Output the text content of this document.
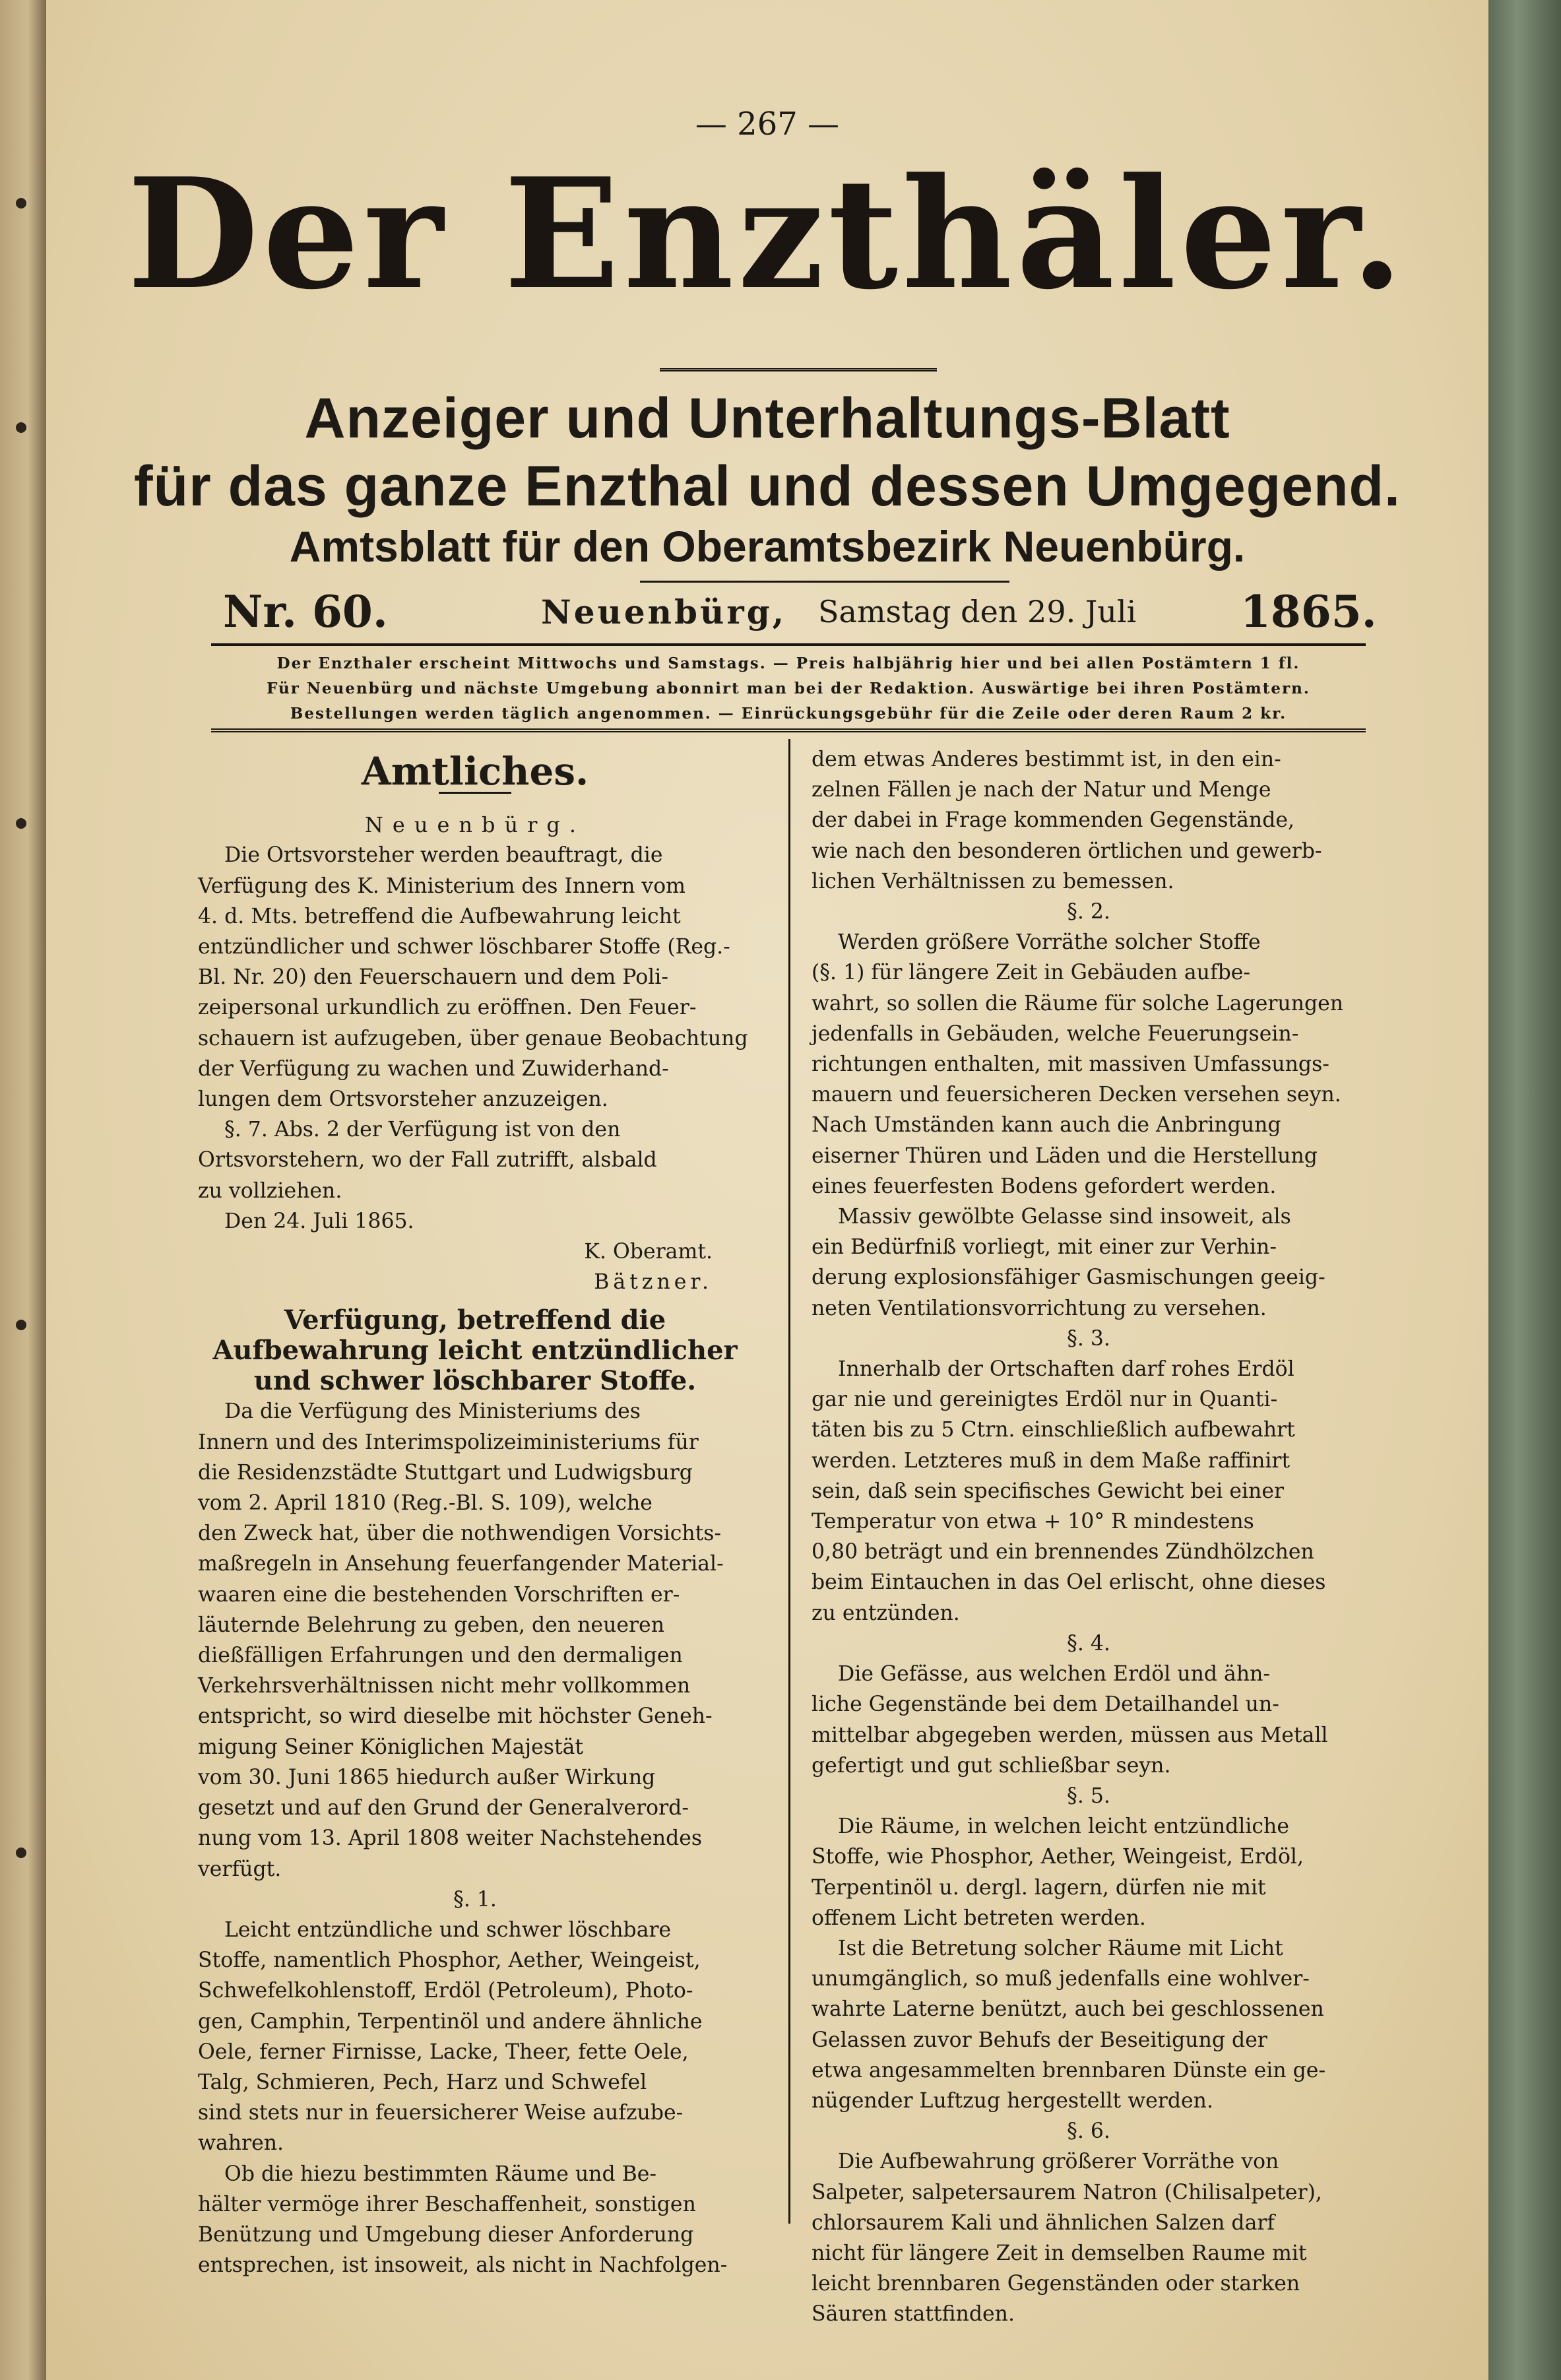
— 267 —
Der Enzthäler.
Anzeiger und Unterhaltungs-Blatt
für das ganze Enzthal und dessen Umgegend.
Amtsblatt für den Oberamtsbezirk Neuenbürg.
Nr. 60.	Neuenbürg, Samstag den 29. Juli 1865.
Der Enzthaler erscheint Mittwochs und Samstags. — Preis halbjährig hier und bei allen Postämtern 1 fl.
Für Neuenbürg und nächste Umgebung abonnirt man bei der Redaktion. Auswärtige bei ihren Postämtern.
Bestellungen werden täglich angenommen. — Einrückungsgebühr für die Zeile oder deren Raum 2 kr.
Amtliches.

Neuenbürg.

Die Ortsvorsteher werden beauftragt, die

Verfügung des K. Ministerium des Innern vom

4. d. Mts. betreffend die Aufbewahrung leicht

entzündlicher und schwer löschbarer Stoffe (Reg.-

Bl. Nr. 20) den Feuerschauern und dem Poli-

zeipersonal urkundlich zu eröffnen. Den Feuer-

schauern ist aufzugeben, über genaue Beobachtung

der Verfügung zu wachen und Zuwiderhand-

lungen dem Ortsvorsteher anzuzeigen.

§. 7. Abs. 2 der Verfügung ist von den

Ortsvorstehern, wo der Fall zutrifft, alsbald

zu vollziehen.

Den 24. Juli 1865.

K. Oberamt.

Bätzner.

Verfügung, betreffend die Aufbewahrung leicht entzündlicher und schwer löschbarer Stoffe.

Da die Verfügung des Ministeriums des

Innern und des Interimspolizeiministeriums für

die Residenzstädte Stuttgart und Ludwigsburg

vom 2. April 1810 (Reg.-Bl. S. 109), welche

den Zweck hat, über die nothwendigen Vorsichts-

maßregeln in Ansehung feuerfangender Material-

waaren eine die bestehenden Vorschriften er-

läuternde Belehrung zu geben, den neueren

dießfälligen Erfahrungen und den dermaligen

Verkehrsverhältnissen nicht mehr vollkommen

entspricht, so wird dieselbe mit höchster Geneh-

migung Seiner Königlichen Majestät

vom 30. Juni 1865 hiedurch außer Wirkung

gesetzt und auf den Grund der Generalverord-

nung vom 13. April 1808 weiter Nachstehendes

verfügt.

§. 1.

Leicht entzündliche und schwer löschbare

Stoffe, namentlich Phosphor, Aether, Weingeist,

Schwefelkohlenstoff, Erdöl (Petroleum), Photo-

gen, Camphin, Terpentinöl und andere ähnliche

Oele, ferner Firnisse, Lacke, Theer, fette Oele,

Talg, Schmieren, Pech, Harz und Schwefel

sind stets nur in feuersicherer Weise aufzube-

wahren.

Ob die hiezu bestimmten Räume und Be-

hälter vermöge ihrer Beschaffenheit, sonstigen

Benützung und Umgebung dieser Anforderung

entsprechen, ist insoweit, als nicht in Nachfolgen-

dem etwas Anderes bestimmt ist, in den ein-

zelnen Fällen je nach der Natur und Menge

der dabei in Frage kommenden Gegenstände,

wie nach den besonderen örtlichen und gewerb-

lichen Verhältnissen zu bemessen.

§. 2.

Werden größere Vorräthe solcher Stoffe

(§. 1) für längere Zeit in Gebäuden aufbe-

wahrt, so sollen die Räume für solche Lagerungen

jedenfalls in Gebäuden, welche Feuerungsein-

richtungen enthalten, mit massiven Umfassungs-

mauern und feuersicheren Decken versehen seyn.

Nach Umständen kann auch die Anbringung

eiserner Thüren und Läden und die Herstellung

eines feuerfesten Bodens gefordert werden.

Massiv gewölbte Gelasse sind insoweit, als

ein Bedürfniß vorliegt, mit einer zur Verhin-

derung explosionsfähiger Gasmischungen geeig-

neten Ventilationsvorrichtung zu versehen.

§. 3.

Innerhalb der Ortschaften darf rohes Erdöl

gar nie und gereinigtes Erdöl nur in Quanti-

täten bis zu 5 Ctrn. einschließlich aufbewahrt

werden. Letzteres muß in dem Maße raffinirt

sein, daß sein specifisches Gewicht bei einer

Temperatur von etwa + 10° R mindestens

0,80 beträgt und ein brennendes Zündhölzchen

beim Eintauchen in das Oel erlischt, ohne dieses

zu entzünden.

§. 4.

Die Gefässe, aus welchen Erdöl und ähn-

liche Gegenstände bei dem Detailhandel un-

mittelbar abgegeben werden, müssen aus Metall

gefertigt und gut schließbar seyn.

§. 5.

Die Räume, in welchen leicht entzündliche

Stoffe, wie Phosphor, Aether, Weingeist, Erdöl,

Terpentinöl u. dergl. lagern, dürfen nie mit

offenem Licht betreten werden.

Ist die Betretung solcher Räume mit Licht

unumgänglich, so muß jedenfalls eine wohlver-

wahrte Laterne benützt, auch bei geschlossenen

Gelassen zuvor Behufs der Beseitigung der

etwa angesammelten brennbaren Dünste ein ge-

nügender Luftzug hergestellt werden.

§. 6.

Die Aufbewahrung größerer Vorräthe von

Salpeter, salpetersaurem Natron (Chilisalpeter),

chlorsaurem Kali und ähnlichen Salzen darf

nicht für längere Zeit in demselben Raume mit

leicht brennbaren Gegenständen oder starken

Säuren stattfinden.
